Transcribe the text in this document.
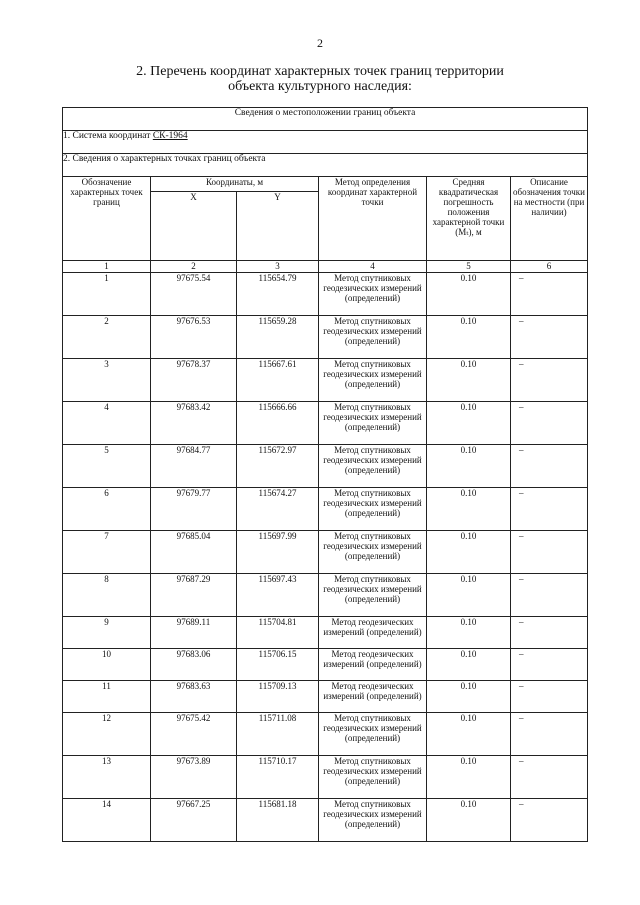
2
2. Перечень координат характерных точек границ территории
объекта культурного наследия:
Сведения о местоположении границ объекта					
1. Система координат СК-1964					
2. Сведения о характерных точках границ объекта					
Обозначение характерных точек границ	Координаты, м		Метод определения координат характерной точки	Средняя квадратическая погрешность положения характерной точки (Mₜ), м	Описание обозначения точки на местности (при наличии)
	X	Y			
1	2	3	4	5	6
1	97675.54	115654.79	Метод спутниковых геодезических измерений (определений)	0.10	–
2	97676.53	115659.28	Метод спутниковых геодезических измерений (определений)	0.10	–
3	97678.37	115667.61	Метод спутниковых геодезических измерений (определений)	0.10	–
4	97683.42	115666.66	Метод спутниковых геодезических измерений (определений)	0.10	–
5	97684.77	115672.97	Метод спутниковых геодезических измерений (определений)	0.10	–
6	97679.77	115674.27	Метод спутниковых геодезических измерений (определений)	0.10	–
7	97685.04	115697.99	Метод спутниковых геодезических измерений (определений)	0.10	–
8	97687.29	115697.43	Метод спутниковых геодезических измерений (определений)	0.10	–
9	97689.11	115704.81	Метод геодезических измерений (определений)	0.10	–
10	97683.06	115706.15	Метод геодезических измерений (определений)	0.10	–
11	97683.63	115709.13	Метод геодезических измерений (определений)	0.10	–
12	97675.42	115711.08	Метод спутниковых геодезических измерений (определений)	0.10	–
13	97673.89	115710.17	Метод спутниковых геодезических измерений (определений)	0.10	–
14	97667.25	115681.18	Метод спутниковых геодезических измерений (определений)	0.10	–
